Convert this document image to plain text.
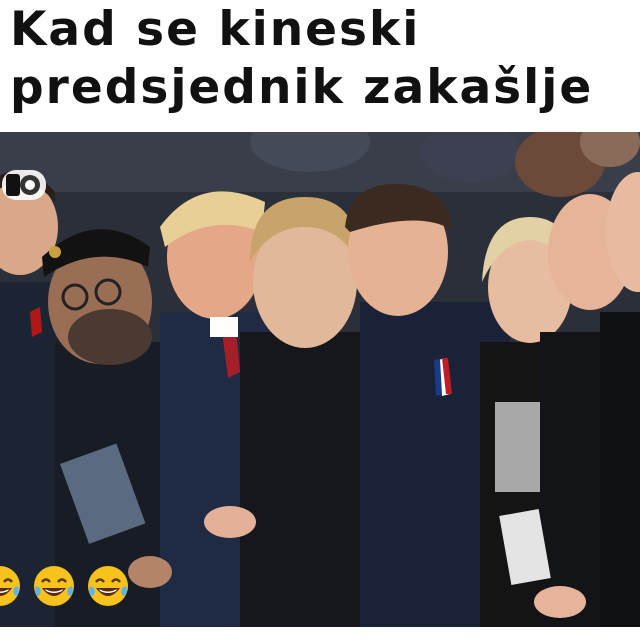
Kad se kineski
predsjednik zakašlje
